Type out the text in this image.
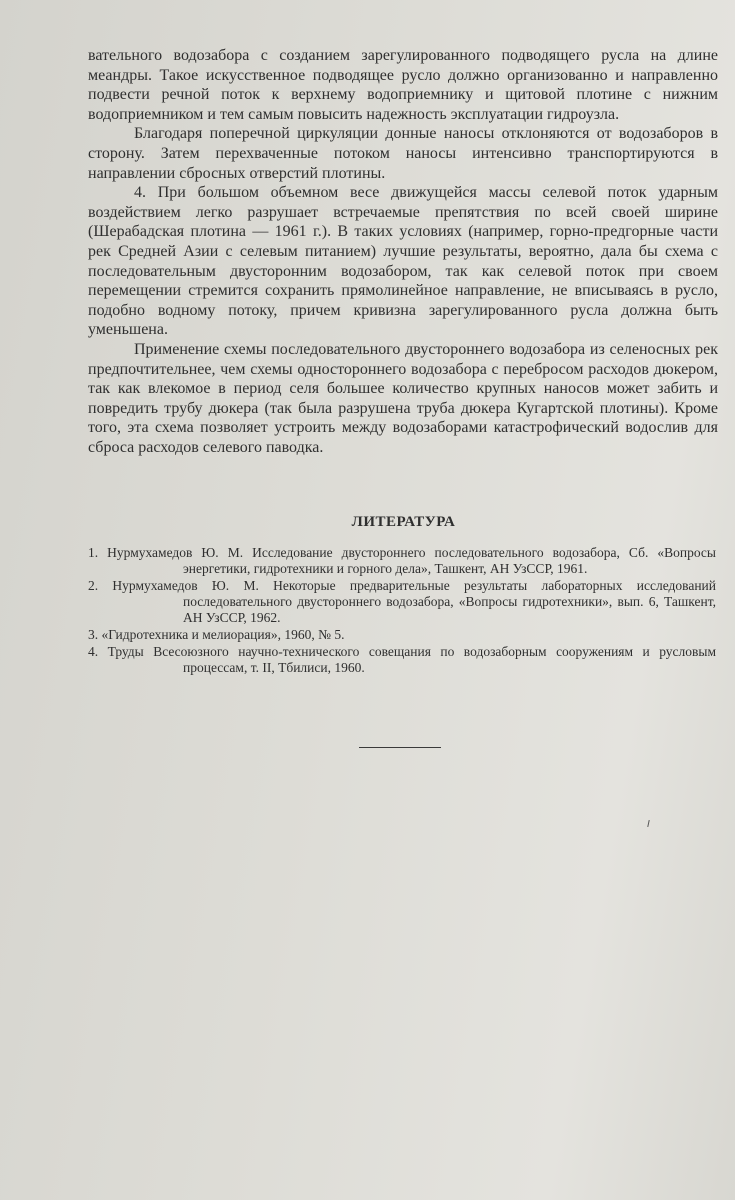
вательного водозабора с созданием зарегулированного подводящего русла на длине меандры. Такое искусственное подводящее русло должно организованно и направленно подвести речной поток к верхнему водоприемнику и щитовой плотине с нижним водоприемником и тем самым повысить надежность эксплуатации гидроузла.

Благодаря поперечной циркуляции донные наносы отклоняются от водозаборов в сторону. Затем перехваченные потоком наносы интенсивно транспортируются в направлении сбросных отверстий плотины.

4. При большом объемном весе движущейся массы селевой поток ударным воздействием легко разрушает встречаемые препятствия по всей своей ширине (Шерабадская плотина — 1961 г.). В таких условиях (например, горно-предгорные части рек Средней Азии с селевым питанием) лучшие результаты, вероятно, дала бы схема с последовательным двусторонним водозабором, так как селевой поток при своем перемещении стремится сохранить прямолинейное направление, не вписываясь в русло, подобно водному потоку, причем кривизна зарегулированного русла должна быть уменьшена.

Применение схемы последовательного двустороннего водозабора из селеносных рек предпочтительнее, чем схемы одностороннего водозабора с перебросом расходов дюкером, так как влекомое в период селя большее количество крупных наносов может забить и повредить трубу дюкера (так была разрушена труба дюкера Кугартской плотины). Кроме того, эта схема позволяет устроить между водозаборами катастрофический водослив для сброса расходов селевого паводка.

ЛИТЕРАТУРА
1. Нурмухамедов Ю. М. Исследование двустороннего последовательного водозабора, Сб. «Вопросы энергетики, гидротехники и горного дела», Ташкент, АН УзССР, 1961.
2. Нурмухамедов Ю. М. Некоторые предварительные результаты лабораторных исследований последовательного двустороннего водозабора, «Вопросы гидротехники», вып. 6, Ташкент, АН УзССР, 1962.
3. «Гидротехника и мелиорация», 1960, № 5.
4. Труды Всесоюзного научно-технического совещания по водозаборным сооружениям и русловым процессам, т. II, Тбилиси, 1960.
